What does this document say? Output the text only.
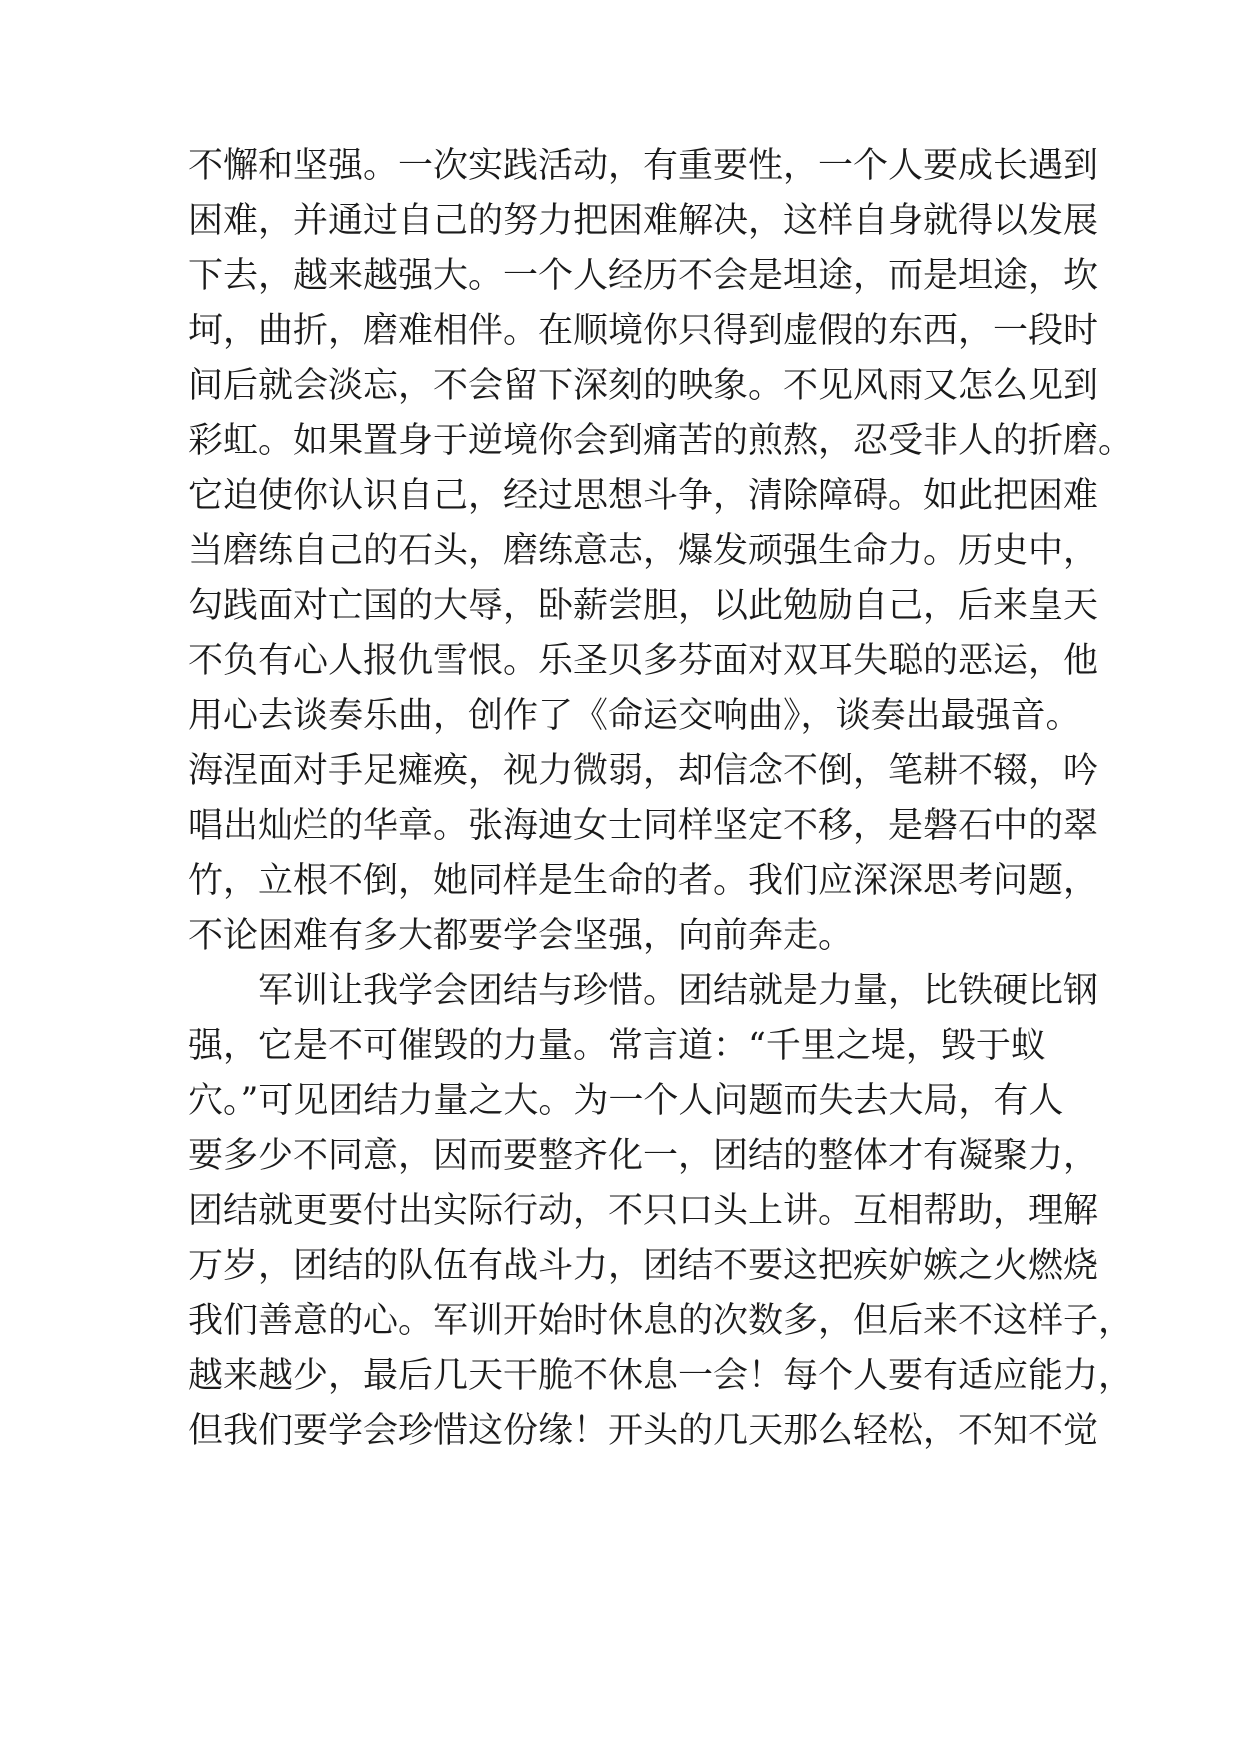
不懈和坚强。一次实践活动，有重要性，一个人要成长遇到
困难，并通过自己的努力把困难解决，这样自身就得以发展
下去，越来越强大。一个人经历不会是坦途，而是坦途，坎
坷，曲折，磨难相伴。在顺境你只得到虚假的东西，一段时
间后就会淡忘，不会留下深刻的映象。不见风雨又怎么见到
彩虹。如果置身于逆境你会到痛苦的煎熬，忍受非人的折磨。
它迫使你认识自己，经过思想斗争，清除障碍。如此把困难
当磨练自己的石头，磨练意志，爆发顽强生命力。历史中，
勾践面对亡国的大辱，卧薪尝胆，以此勉励自己，后来皇天
不负有心人报仇雪恨。乐圣贝多芬面对双耳失聪的恶运，他
用心去谈奏乐曲，创作了《命运交响曲》，谈奏出最强音。
海涅面对手足瘫痪，视力微弱，却信念不倒，笔耕不辍，吟
唱出灿烂的华章。张海迪女士同样坚定不移，是磐石中的翠
竹，立根不倒，她同样是生命的者。我们应深深思考问题，
不论困难有多大都要学会坚强，向前奔走。
军训让我学会团结与珍惜。团结就是力量，比铁硬比钢
强，它是不可催毁的力量。常言道：“千里之堤，毁于蚁
穴。”可见团结力量之大。为一个人问题而失去大局，有人
要多少不同意，因而要整齐化一，团结的整体才有凝聚力，
团结就更要付出实际行动，不只口头上讲。互相帮助，理解
万岁，团结的队伍有战斗力，团结不要这把疾妒嫉之火燃烧
我们善意的心。军训开始时休息的次数多，但后来不这样子，
越来越少，最后几天干脆不休息一会！每个人要有适应能力，
但我们要学会珍惜这份缘！开头的几天那么轻松，不知不觉
